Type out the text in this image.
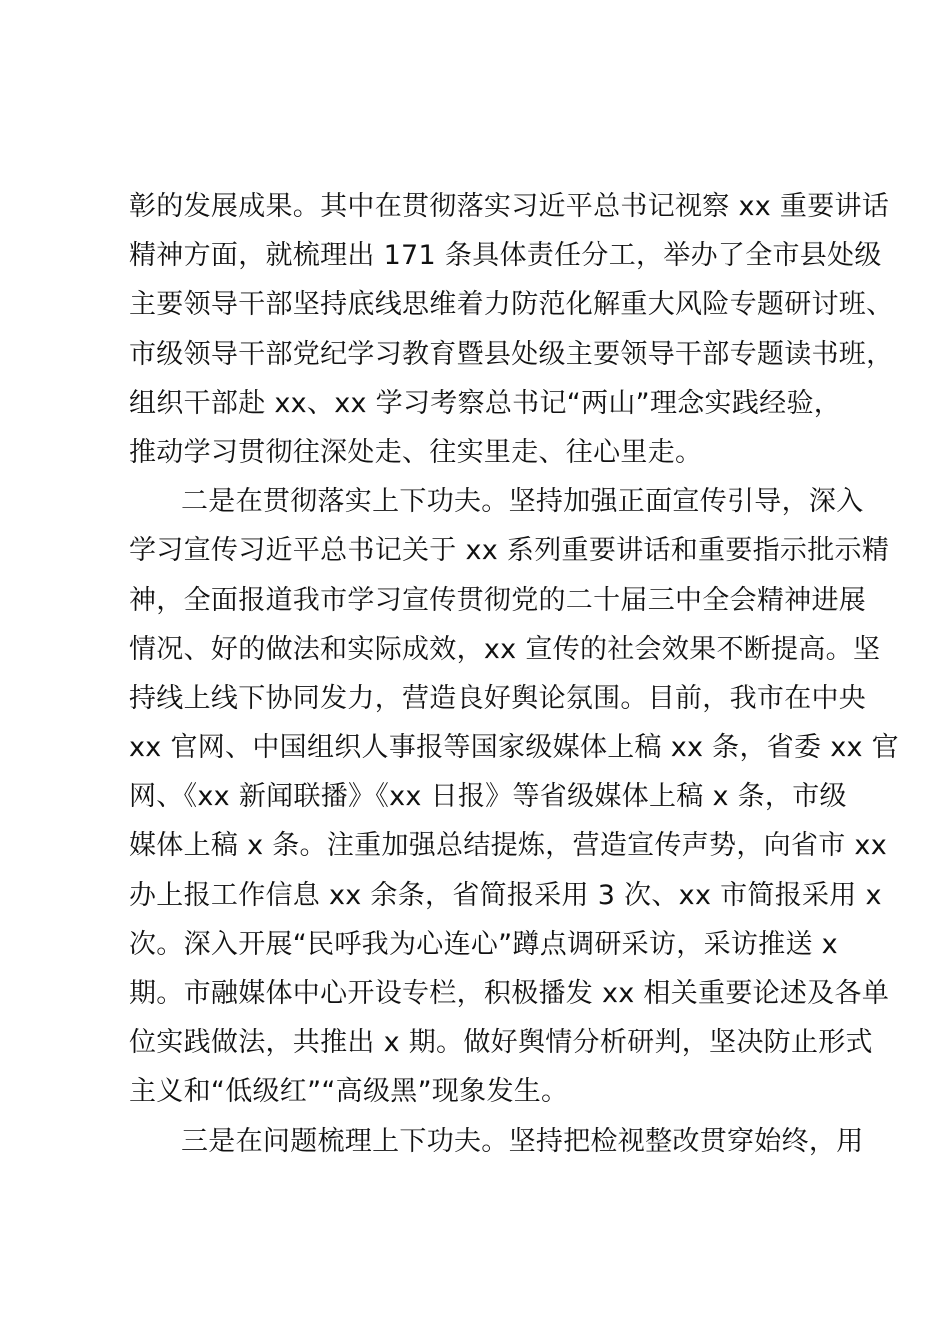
彰的发展成果。其中在贯彻落实习近平总书记视察 xx 重要讲话
精神方面，就梳理出 171 条具体责任分工，举办了全市县处级
主要领导干部坚持底线思维着力防范化解重大风险专题研讨班、
市级领导干部党纪学习教育暨县处级主要领导干部专题读书班，
组织干部赴 xx、xx 学习考察总书记“两山”理念实践经验，
推动学习贯彻往深处走、往实里走、往心里走。
二是在贯彻落实上下功夫。坚持加强正面宣传引导，深入
学习宣传习近平总书记关于 xx 系列重要讲话和重要指示批示精
神，全面报道我市学习宣传贯彻党的二十届三中全会精神进展
情况、好的做法和实际成效，xx 宣传的社会效果不断提高。坚
持线上线下协同发力，营造良好舆论氛围。目前，我市在中央
xx 官网、中国组织人事报等国家级媒体上稿 xx 条，省委 xx 官
网、《xx 新闻联播》《xx 日报》等省级媒体上稿 x 条，市级
媒体上稿 x 条。注重加强总结提炼，营造宣传声势，向省市 xx
办上报工作信息 xx 余条，省简报采用 3 次、xx 市简报采用 x
次。深入开展“民呼我为心连心”蹲点调研采访，采访推送 x
期。市融媒体中心开设专栏，积极播发 xx 相关重要论述及各单
位实践做法，共推出 x 期。做好舆情分析研判，坚决防止形式
主义和“低级红”“高级黑”现象发生。
三是在问题梳理上下功夫。坚持把检视整改贯穿始终，用
